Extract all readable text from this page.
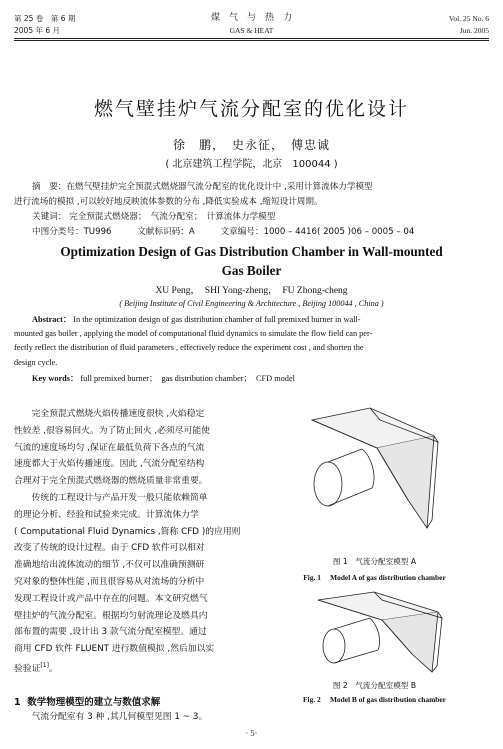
第 25 卷　第 6 期
2005 年 6 月
煤　气　与　热　力
GAS & HEAT
Vol. 25 No. 6
Jun. 2005
燃气壁挂炉气流分配室的优化设计
徐　鹏，　史永征，　傅忠诚
( 北京建筑工程学院，北京　100044 )
摘　要：在燃气壁挂炉完全预混式燃烧器气流分配室的优化设计中 ,采用计算流体力学模型
进行流场的模拟 ,可以较好地反映流体参数的分布 ,降低实验成本 ,缩短设计周期。
关键词： 完全预混式燃烧器；　气流分配室；　计算流体力学模型
中图分类号：TU996　　　文献标识码：A　　　文章编号：1000 – 4416( 2005 )06 – 0005 – 04
Optimization Design of Gas Distribution Chamber in Wall-mounted
Gas Boiler
XU Peng，　SHI Yong-zheng，　FU Zhong-cheng
( Beijing Institute of Civil Engineering & Architecture , Beijing 100044 , China )
Abstract： In the optimization design of gas distribution chamber of full premixed burner in wall-
mounted gas boiler , applying the model of computational fluid dynamics to simulate the flow field can per-
fectly reflect the distribution of fluid parameters , effectively reduce the experiment cost , and shorten the
design cycle.
Key words： full premixed burner；　gas distribution chamber；　CFD model
　　完全预混式燃烧火焰传播速度很快 ,火焰稳定
性较差 ,很容易回火。为了防止回火 ,必须尽可能使
气流的速度场均匀 ,保证在最低负荷下各点的气流
速度都大于火焰传播速度。因此 ,气流分配室结构
合理对于完全预混式燃烧器的燃烧质量非常重要。
　　传统的工程设计与产品开发一般只能依赖简单
的理论分析、经验和试验来完成。计算流体力学
( Computational Fluid Dynamics ,简称 CFD )的应用则
改变了传统的设计过程。由于 CFD 软件可以相对
准确地给出流体流动的细节 ,不仅可以准确预测研
究对象的整体性能 ,而且很容易从对流场的分析中
发现工程设计或产品中存在的问题。本文研究燃气
壁挂炉的气流分配室。根据均匀射流理论及燃具内
部布置的需要 ,设计出 3 款气流分配室模型。通过
商用 CFD 软件 FLUENT 进行数值模拟 ,然后加以实
验验证[1]。
1 数学物理模型的建立与数值求解
　　气流分配室有 3 种 ,其几何模型见图 1 ~ 3。
图 1　气流分配室模型 A
Fig. 1　 Model A of gas distribution chamber
图 2　气流分配室模型 B
Fig. 2　 Model B of gas distribution chamber
· 5·
